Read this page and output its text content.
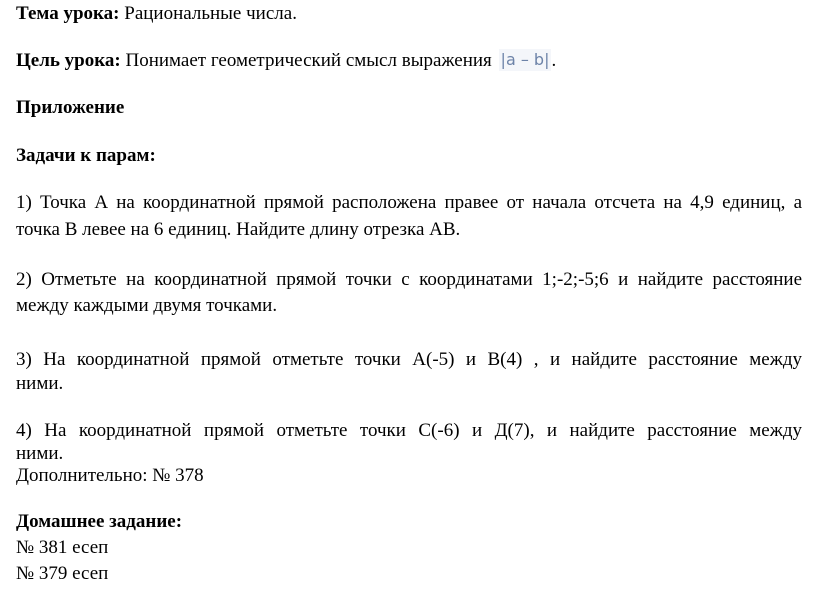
Тема урока: Рациональные числа.
Цель урока: Понимает геометрический смысл выражения |a – b| .
Приложение
Задачи к парам:
1) Точка А на координатной прямой расположена правее от начала отсчета на 4,9 единиц, а
точка В левее на 6 единиц. Найдите длину отрезка АВ.
2) Отметьте на координатной прямой точки с координатами 1;-2;-5;6 и найдите расстояние
между каждыми двумя точками.
3) На координатной прямой отметьте точки А(-5) и В(4) , и найдите расстояние между
ними.
4) На координатной прямой отметьте точки С(-6) и Д(7), и найдите расстояние между
ними.
Дополнительно: № 378
Домашнее задание:
№ 381 есеп
№ 379 есеп
